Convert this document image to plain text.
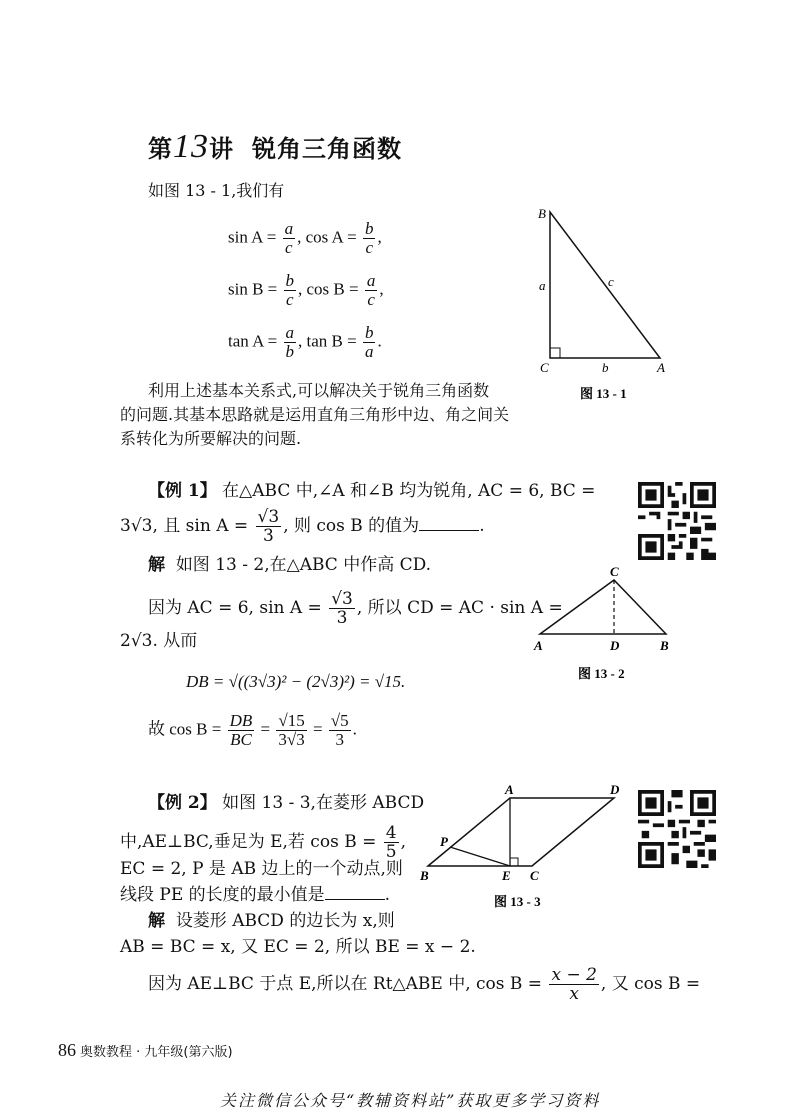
第13讲 锐角三角函数
如图 13 - 1,我们有
$\sin A = \frac{a}{c}$ , $\cos A = \frac{b}{c}$ ,
$\sin B = \frac{b}{c}$ , $\cos B = \frac{a}{c}$ ,
$\tan A = \frac{a}{b}$ , $\tan B = \frac{b}{a}$ .
B
C	A
a
b
c
图 13 - 1
利用上述基本关系式,可以解决关于锐角三角函数
的问题.其基本思路就是运用直角三角形中边、角之间关
系转化为所要解决的问题.
【例 1】 在△ABC 中,∠A 和∠B 均为锐角, AC = 6, BC =
3√3, 且 $\sin A = \frac{√3}{3}$ , 则 cos B 的值为	.
解 如图 13 - 2,在△ABC 中作高 CD.
因为 AC = 6, $\sin A = \frac{√3}{3}$ , 所以 CD = AC · sin A =
2√3. 从而
DB = √((3√3)² − (2√3)²) = √15.
故 $\cos B = \frac{DB}{BC} = \frac{√15}{3√3} = \frac{√5}{3}$ .
C
A	D	B
图 13 - 2
【例 2】 如图 13 - 3,在菱形 ABCD
中,AE⊥BC,垂足为 E,若 $\cos B = \frac{4}{5}$ ,
EC = 2, P 是 AB 边上的一个动点,则
线段 PE 的长度的最小值是	.
A	D
B	E C
P
图 13 - 3
解 设菱形 ABCD 的边长为 x,则
AB = BC = x, 又 EC = 2, 所以 BE = x − 2.
因为 AE⊥BC 于点 E,所以在 Rt△ABE 中, $\cos B = \frac{x - 2}{x}$ , 又 cos B =
86 奥数教程 · 九年级(第六版)
关注微信公众号“教辅资料站”获取更多学习资料
